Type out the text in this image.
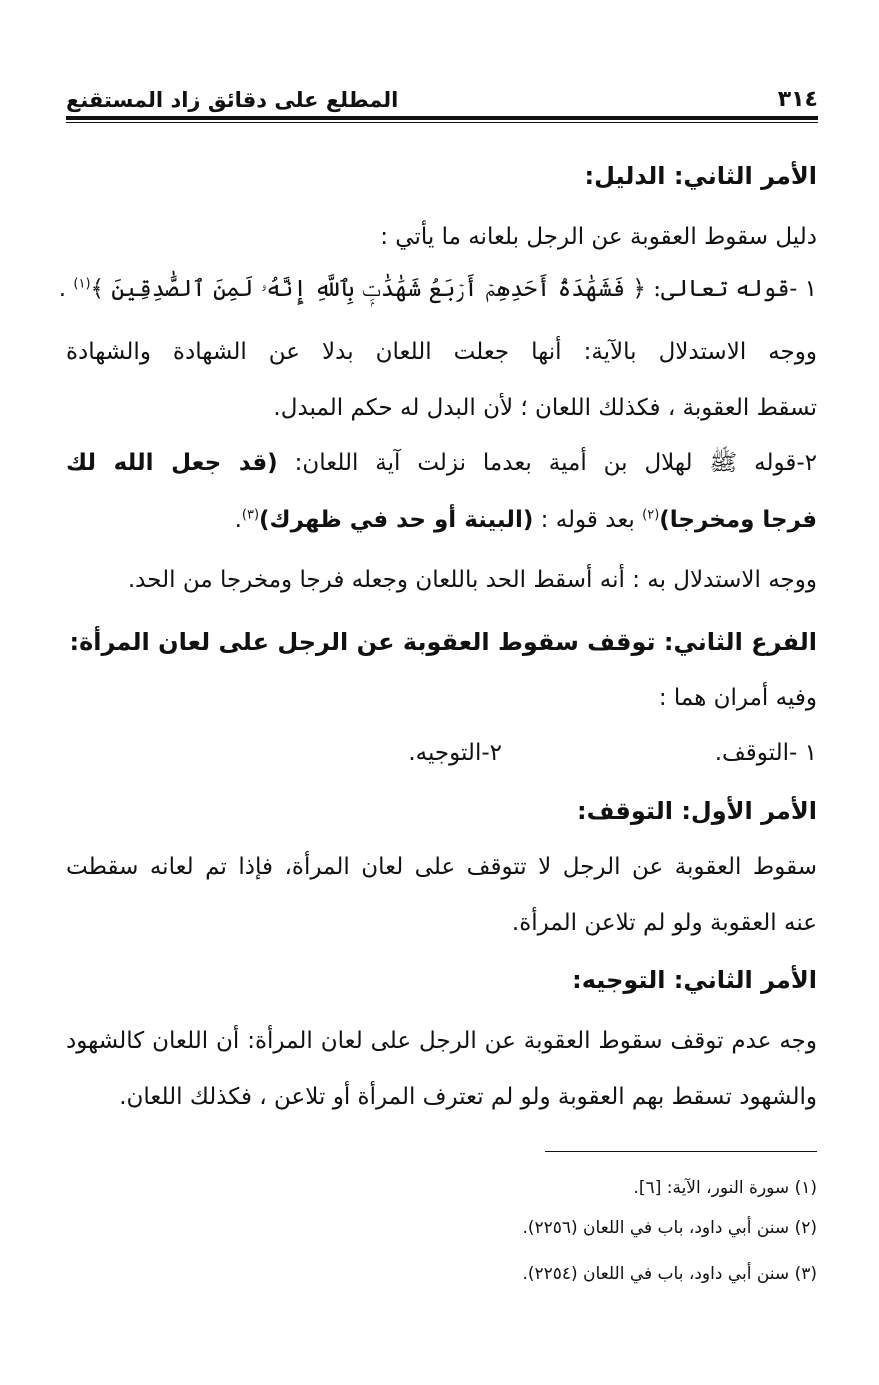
٣١٤
المطلع على دقائق زاد المستقنع
الأمر الثاني: الدليل:
دليل سقوط العقوبة عن الرجل بلعانه ما يأتي :
١ -قوله تعالى: ﴿ فَشَهَٰدَةُ أَحَدِهِمۡ أَرۡبَعُ شَهَٰدَٰتِۭ بِٱللَّهِ إِنَّهُۥ لَمِنَ ٱلصَّٰدِقِينَ ﴾$^{(١)}$ .
ووجه الاستدلال بالآية: أنها جعلت اللعان بدلا عن الشهادة والشهادة
تسقط العقوبة ، فكذلك اللعان ؛ لأن البدل له حكم المبدل.
٢-قوله ﷺ لهلال بن أمية بعدما نزلت آية اللعان: (قد جعل الله لك
فرجا ومخرجا)$^{(٢)}$ بعد قوله : (البينة أو حد في ظهرك)$^{(٣)}$.
ووجه الاستدلال به : أنه أسقط الحد باللعان وجعله فرجا ومخرجا من الحد.
الفرع الثاني: توقف سقوط العقوبة عن الرجل على لعان المرأة:
وفيه أمران هما :
١ -التوقف.
٢-التوجيه.
الأمر الأول: التوقف:
سقوط العقوبة عن الرجل لا تتوقف على لعان المرأة، فإذا تم لعانه سقطت
عنه العقوبة ولو لم تلاعن المرأة.
الأمر الثاني: التوجيه:
وجه عدم توقف سقوط العقوبة عن الرجل على لعان المرأة: أن اللعان كالشهود
والشهود تسقط بهم العقوبة ولو لم تعترف المرأة أو تلاعن ، فكذلك اللعان.
(١) سورة النور، الآية: [٦].
(٢) سنن أبي داود، باب في اللعان (٢٢٥٦).
(٣) سنن أبي داود، باب في اللعان (٢٢٥٤).
